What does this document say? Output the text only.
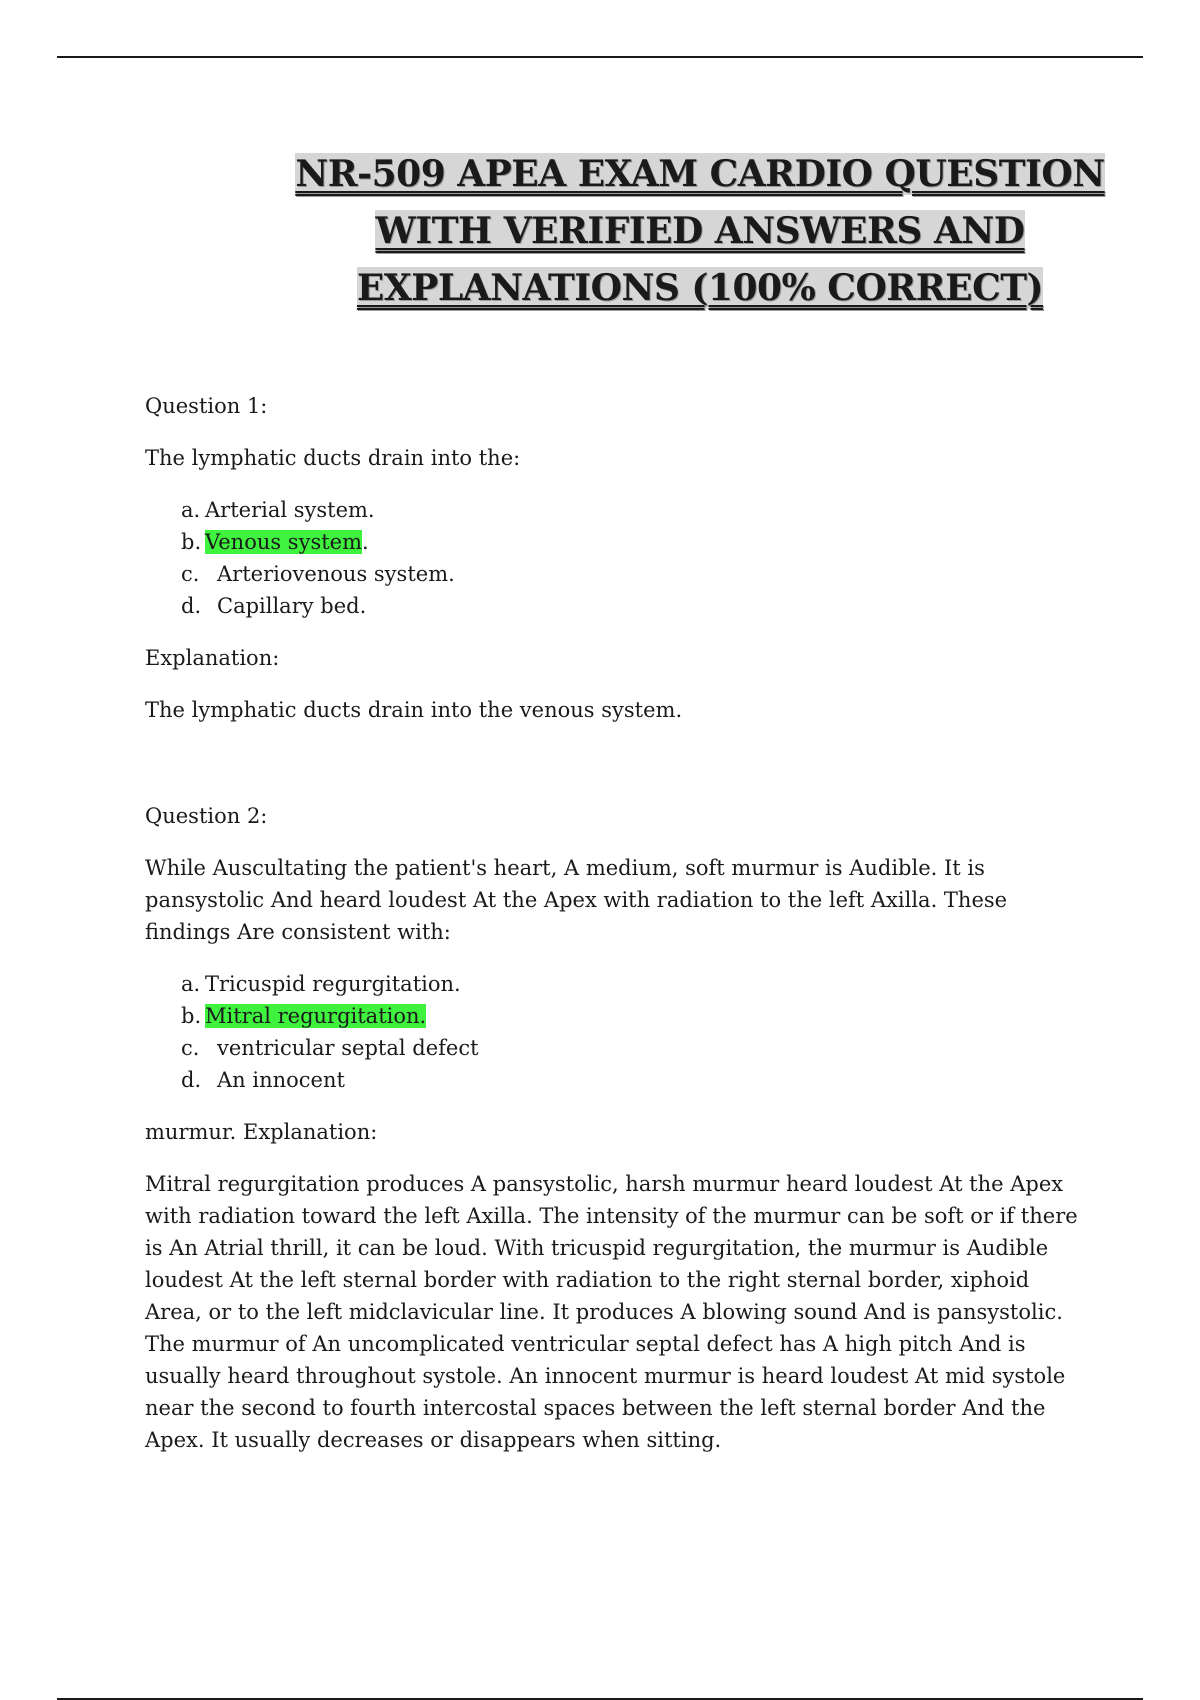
NR-509 APEA EXAM CARDIO QUESTION
WITH VERIFIED ANSWERS AND
EXPLANATIONS (100% CORRECT)

Question 1:

The lymphatic ducts drain into the:

a. Arterial system.
b. Venous system.
c. Arteriovenous system.
d. Capillary bed.

Explanation:

The lymphatic ducts drain into the venous system.

Question 2:

While Auscultating the patient's heart, A medium, soft murmur is Audible. It is pansystolic And heard loudest At the Apex with radiation to the left Axilla. These findings Are consistent with:

a. Tricuspid regurgitation.
b. Mitral regurgitation.
c. ventricular septal defect
d. An innocent

murmur. Explanation:

Mitral regurgitation produces A pansystolic, harsh murmur heard loudest At the Apex with radiation toward the left Axilla. The intensity of the murmur can be soft or if there is An Atrial thrill, it can be loud. With tricuspid regurgitation, the murmur is Audible loudest At the left sternal border with radiation to the right sternal border, xiphoid Area, or to the left midclavicular line. It produces A blowing sound And is pansystolic. The murmur of An uncomplicated ventricular septal defect has A high pitch And is usually heard throughout systole. An innocent murmur is heard loudest At mid systole near the second to fourth intercostal spaces between the left sternal border And the Apex. It usually decreases or disappears when sitting.
